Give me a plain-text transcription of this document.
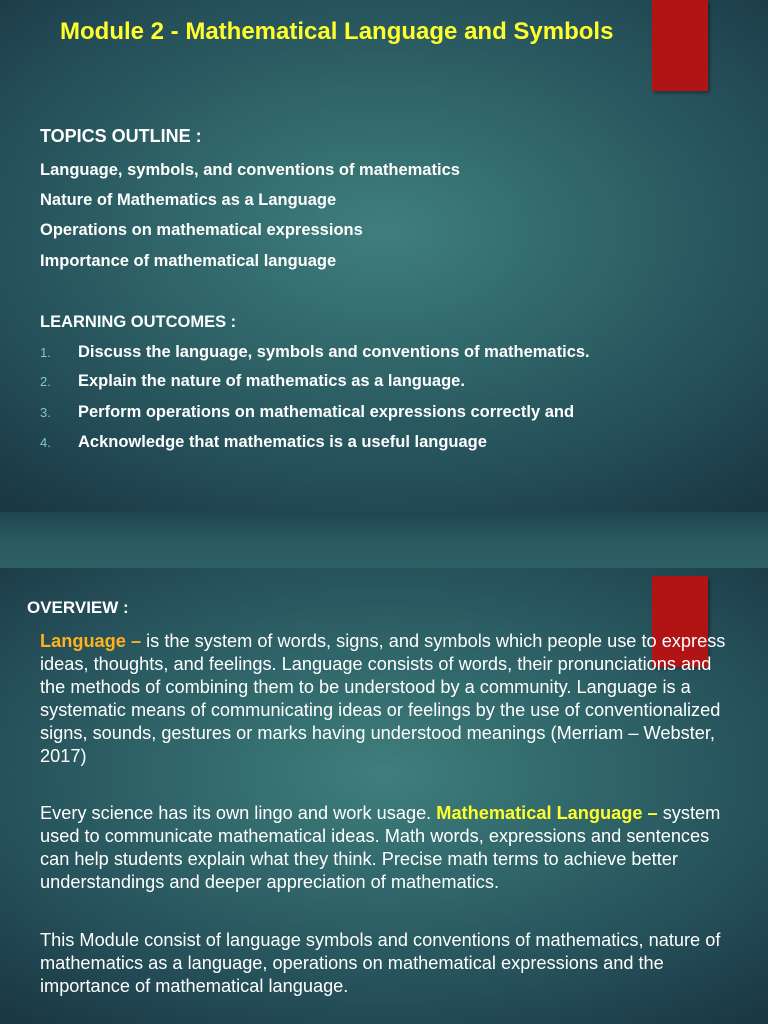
Module 2 - Mathematical Language and Symbols
TOPICS OUTLINE :
Language, symbols, and conventions of mathematics
Nature of Mathematics as a Language
Operations on mathematical expressions
Importance of mathematical language
LEARNING OUTCOMES :
1. Discuss the language, symbols and conventions of mathematics.
2. Explain the nature of mathematics as a language.
3. Perform operations on mathematical expressions correctly and
4. Acknowledge that mathematics is a useful language
OVERVIEW :
Language – is the system of words, signs, and symbols which people use to express ideas, thoughts, and feelings. Language consists of words, their pronunciations and the methods of combining them to be understood by a community. Language is a systematic means of communicating ideas or feelings by the use of conventionalized signs, sounds, gestures or marks having understood meanings (Merriam – Webster, 2017)
Every science has its own lingo and work usage. Mathematical Language – system used to communicate mathematical ideas. Math words, expressions and sentences can help students explain what they think. Precise math terms to achieve better understandings and deeper appreciation of mathematics.
This Module consist of language symbols and conventions of mathematics, nature of mathematics as a language, operations on mathematical expressions and the importance of mathematical language.
